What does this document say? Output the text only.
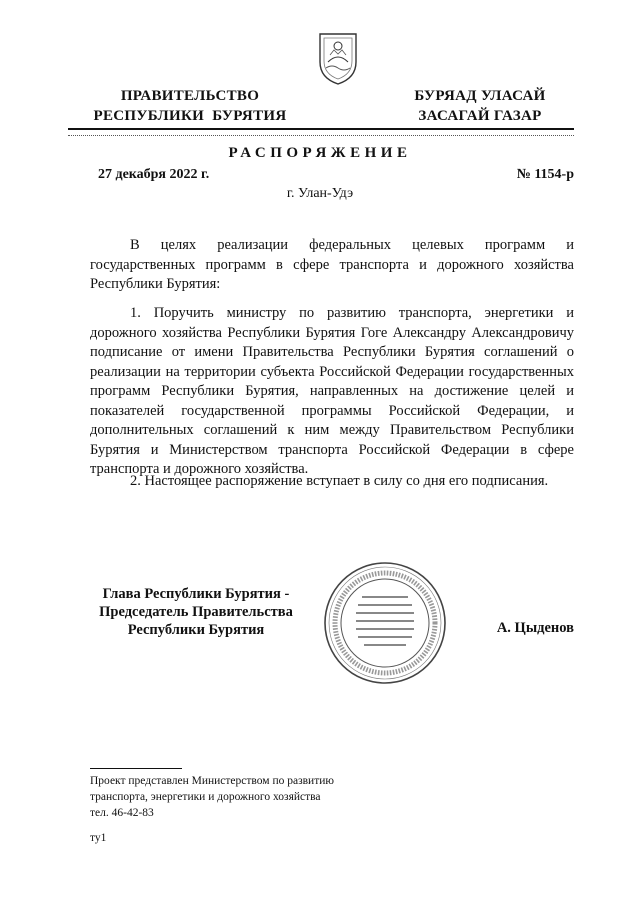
ПРАВИТЕЛЬСТВО
РЕСПУБЛИКИ  БУРЯТИЯ
БУРЯАД УЛАСАЙ
ЗАСАГАЙ ГАЗАР
РАСПОРЯЖЕНИЕ
27 декабря 2022 г.	№ 1154-р
г. Улан-Удэ

В целях реализации федеральных целевых программ и государственных программ в сфере транспорта и дорожного хозяйства Республики Бурятия:

1. Поручить министру по развитию транспорта, энергетики и дорожного хозяйства Республики Бурятия Гоге Александру Александровичу подписание от имени Правительства Республики Бурятия соглашений о реализации на территории субъекта Российской Федерации государственных программ Республики Бурятия, направленных на достижение целей и показателей государственной программы Российской Федерации, и дополнительных соглашений к ним между Правительством Республики Бурятия и Министерством транспорта Российской Федерации в сфере транспорта и дорожного хозяйства.

2. Настоящее распоряжение вступает в силу со дня его подписания.

Глава Республики Бурятия -
Председатель Правительства
Республики Бурятия	А. Цыденов
Проект представлен Министерством по развитию
транспорта, энергетики и дорожного хозяйства
тел. 46-42-83
ту1
